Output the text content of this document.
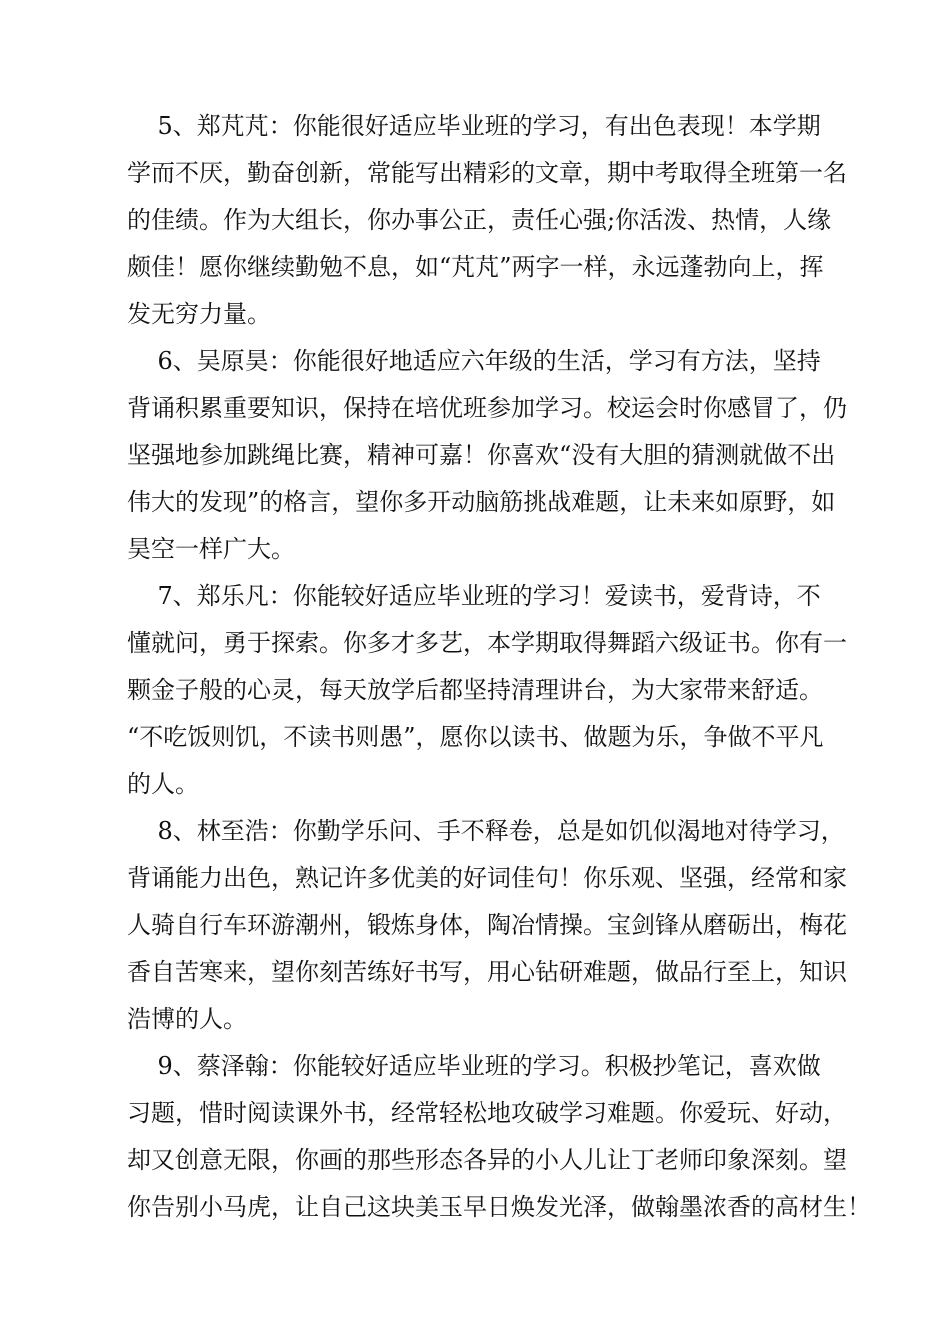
5、郑芃芃：你能很好适应毕业班的学习，有出色表现！本学期
学而不厌，勤奋创新，常能写出精彩的文章，期中考取得全班第一名
的佳绩。作为大组长，你办事公正，责任心强;你活泼、热情，人缘
颇佳！愿你继续勤勉不息，如“芃芃”两字一样，永远蓬勃向上，挥
发无穷力量。
6、吴原昊：你能很好地适应六年级的生活，学习有方法，坚持
背诵积累重要知识，保持在培优班参加学习。校运会时你感冒了，仍
坚强地参加跳绳比赛，精神可嘉！你喜欢“没有大胆的猜测就做不出
伟大的发现”的格言，望你多开动脑筋挑战难题，让未来如原野，如
昊空一样广大。
7、郑乐凡：你能较好适应毕业班的学习！爱读书，爱背诗，不
懂就问，勇于探索。你多才多艺，本学期取得舞蹈六级证书。你有一
颗金子般的心灵，每天放学后都坚持清理讲台，为大家带来舒适。
“不吃饭则饥，不读书则愚”，愿你以读书、做题为乐，争做不平凡
的人。
8、林至浩：你勤学乐问、手不释卷，总是如饥似渴地对待学习，
背诵能力出色，熟记许多优美的好词佳句！你乐观、坚强，经常和家
人骑自行车环游潮州，锻炼身体，陶冶情操。宝剑锋从磨砺出，梅花
香自苦寒来，望你刻苦练好书写，用心钻研难题，做品行至上，知识
浩博的人。
9、蔡泽翰：你能较好适应毕业班的学习。积极抄笔记，喜欢做
习题，惜时阅读课外书，经常轻松地攻破学习难题。你爱玩、好动，
却又创意无限，你画的那些形态各异的小人儿让丁老师印象深刻。望
你告别小马虎，让自己这块美玉早日焕发光泽，做翰墨浓香的高材生！
